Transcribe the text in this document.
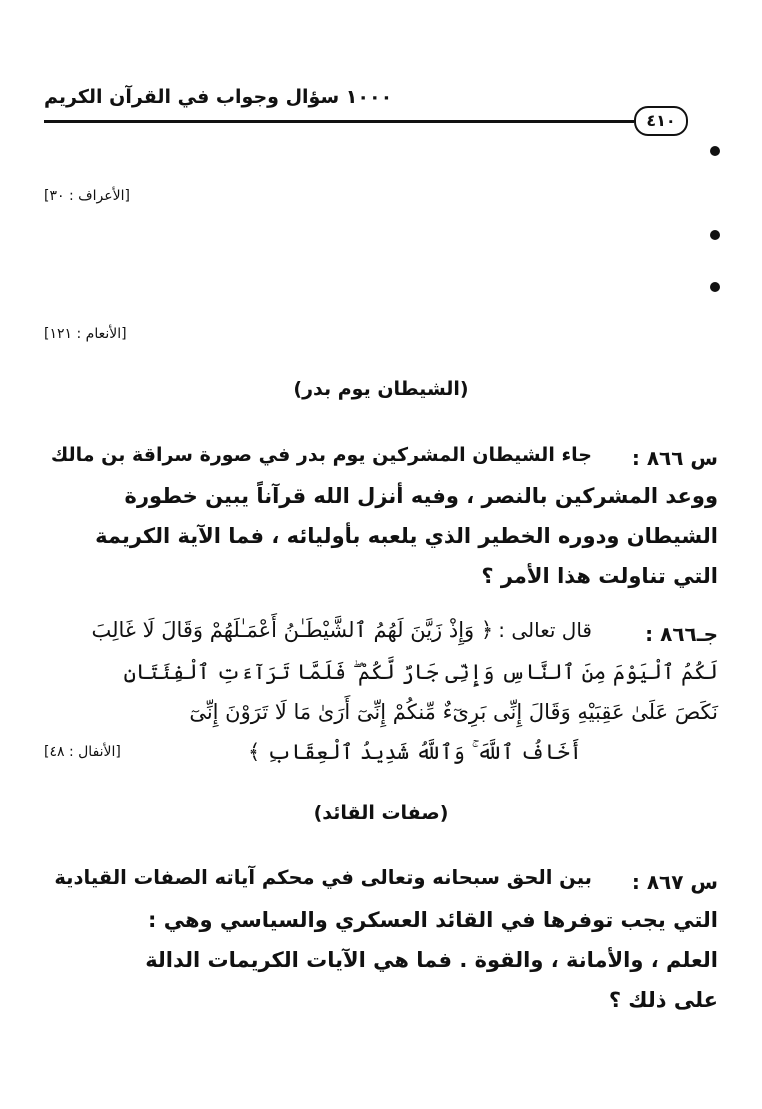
١٠٠٠ سؤال وجواب في القرآن الكريم
٤١٠
[الأعراف : ٣٠]
[الأنعام : ١٢١]
(الشيطان يوم بدر)
س ٨٦٦ :
جاء الشيطان المشركين يوم بدر في صورة سراقة بن مالك
ووعد المشركين بالنصر ، وفيه أنزل الله قرآناً يبين خطورة
الشيطان ودوره الخطير الذي يلعبه بأوليائه ، فما الآية الكريمة
التي تناولت هذا الأمر ؟
جـ٨٦٦ :
قال تعالى : ﴿ وَإِذْ زَيَّنَ لَهُمُ ٱلشَّيْطَـٰنُ أَعْمَـٰلَهُمْ وَقَالَ لَا غَالِبَ
لَكُمُ ٱلْيَوْمَ مِنَ ٱلنَّاسِ وَإِنِّى جَارٌ لَّكُمْ ۖ فَلَمَّا تَرَآءَتِ ٱلْفِئَتَانِ
نَكَصَ عَلَىٰ عَقِبَيْهِ وَقَالَ إِنِّى بَرِىٓءٌ مِّنكُمْ إِنِّىٓ أَرَىٰ مَا لَا تَرَوْنَ إِنِّىٓ
أَخَافُ ٱللَّهَ ۚ وَٱللَّهُ شَدِيدُ ٱلْعِقَابِ ﴾
[الأنفال : ٤٨]
(صفات القائد)
س ٨٦٧ :
بين الحق سبحانه وتعالى في محكم آياته الصفات القيادية
التي يجب توفرها في القائد العسكري والسياسي وهي :
العلم ، والأمانة ، والقوة . فما هي الآيات الكريمات الدالة
على ذلك ؟
